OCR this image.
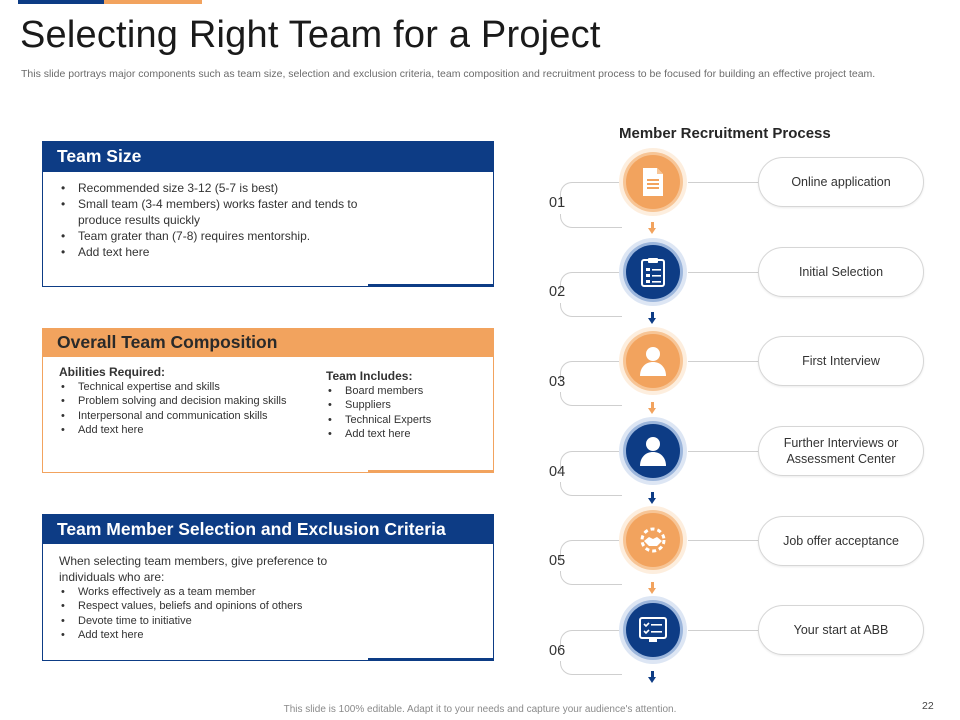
Selecting Right Team for a Project
This slide portrays major components such as team size, selection and exclusion criteria, team composition and recruitment process to be focused for building an effective project team.
Team Size
• Recommended size 3-12 (5-7 is best)
• Small team (3-4 members) works faster and tends to produce results quickly
• Team grater than (7-8) requires mentorship.
• Add text here
Overall Team Composition
Abilities Required:
• Technical expertise and skills
• Problem solving and decision making skills
• Interpersonal and communication skills
• Add text here
Team Includes:
• Board members
• Suppliers
• Technical Experts
• Add text here
Team Member Selection and Exclusion Criteria
When selecting team members, give preference to individuals who are:
• Works effectively as a team member
• Respect values, beliefs and opinions of others
• Devote time to initiative
• Add text here
Member Recruitment Process
01
Online application
02
Initial Selection
03
First Interview
04
Further Interviews or Assessment Center
05
Job offer acceptance
06
Your start at ABB
This slide is 100% editable. Adapt it to your needs and capture your audience's attention.	22
